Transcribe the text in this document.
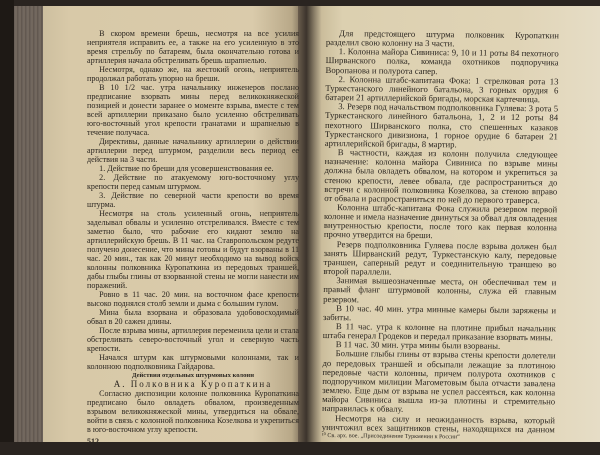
В скором времени брешь, несмотря на все усилия неприятеля исправить ее, а также на его усиленную в это время стрельбу по батареям, была окончательно готова и артиллерия начала обстреливать брешь шрапнелью.

Несмотря, однако же, на жестокий огонь, неприятель продолжал работать упорно на бреши.

В 10 1/2 час. утра начальнику инженеров послано предписание взорвать мины перед великокняжеской позицией и донести заранее о моменте взрыва, вместе с тем всей артиллерии приказано было усиленно обстреливать юго-восточный угол крепости гранатами и шрапнелью в течение получаса.

Директивы, данные начальнику артиллерии о действии артиллерии перед штурмом, разделили весь период ее действия на 3 части.

1. Действие по бреши для усовершенствования ее.

2. Действие по атакуемому юго-восточному углу крепости перед самым штурмом.

3. Действие по северной части крепости во время штурма.

Несмотря на столь усиленный огонь, неприятель заделывал обвалы и усиленно отстреливался. Вместе с тем заметно было, что рабочие его кидают землю на артиллерийскую брешь. В 11 час. на Ставропольском редуте получено донесение, что мины готовы и будут взорваны в 11 час. 20 мин., так как 20 минут необходимо на вывод войск колонны полковника Куропаткина из передовых траншей, дабы глыбы глины от взорванной стены не могли нанести им поражений.

Ровно в 11 час. 20 мин. на восточном фасе крепости высоко поднялся столб земли и дыма с большим гулом.

Мина была взорвана и образовала удобовосходимый обвал в 20 сажен длины.

После взрыва мины, артиллерия переменила цели и стала обстреливать северо-восточный угол и северную часть крепости.

Начался штурм как штурмовыми колоннами, так и колонною подполковника Гайдарова.

Действия отдельных штурмовых колонн

А. Полковника Куропаткина

Согласно диспозиции колонне полковника Куропаткина предписано было овладеть обвалом, произведенным взрывом великокняжеской мины, утвердиться на обвале, войти в связь с колонной полковника Козелкова и укрепиться в юго-восточном углу крепости.

512

Для предстоящего штурма полковник Куропаткин разделил свою колонну на 3 части.

1. Колонна майора Сивиниса: 9, 10 и 11 роты 84 пехотного Ширванского полка, команда охотников подпоручика Воропанова и полурота сапер.

2. Колонна штабс-капитана Фока: 1 стрелковая рота 13 Туркестанского линейного батальона, 3 горных орудия 6 батареи 21 артиллерийской бригады, морская картечница.

3. Резерв под начальством подполковника Гуляева: 3 рота 5 Туркестанского линейного батальона, 1, 2 и 12 роты 84 пехотного Ширванского полка, сто спешенных казаков Туркестанского дивизиона, 1 горное орудие 6 батареи 21 артиллерийской бригады, 8 мартир.

В частности, каждая из колонн получила следующее назначение: колонна майора Сивиниса по взрыве мины должна была овладеть обвалом, на котором и укрепиться за стеною крепости, левее обвала, где распространиться до встречи с колонной полковника Козелкова, за стеною вправо от обвала и распространиться по ней до первого траверса.

Колонна штабс-капитана Фока служила резервом первой колонне и имела назначение двинуться за обвал для овладения внутренностью крепости, после того как первая колонна прочно утвердится на бреши.

Резерв подполковника Гуляева после взрыва должен был занять Ширванский редут, Туркестанскую калу, передовые траншеи, саперный редут и соединительную траншею во второй параллели.

Занимая вышеозначенные места, он обеспечивал тем и правый фланг штурмовой колонны, служа ей главным резервом.

В 10 час. 40 мин. утра минные камеры были заряжены и забиты.

В 11 час. утра к колонне на плотине прибыл начальник штаба генерал Гродеков и передал приказание взорвать мины.

В 11 час. 30 мин. утра мины были взорваны.

Большие глыбы глины от взрыва стены крепости долетели до передовых траншей и обсыпали лежащие за плотиною передовые части колонны, причем полурота охотников с подпоручиком милиции Магометовым была отчасти завалена землею. Еще дым от взрыва не успел рассеяться, как колонна майора Сивиниса вышла из-за плотины и стремительно направилась к обвалу.

Несмотря на силу и неожиданность взрыва, который уничтожил всех защитников стены, находящихся на данном

¹⁰ Св. арх. вое. „Присоединение Туркмении к России“

513
